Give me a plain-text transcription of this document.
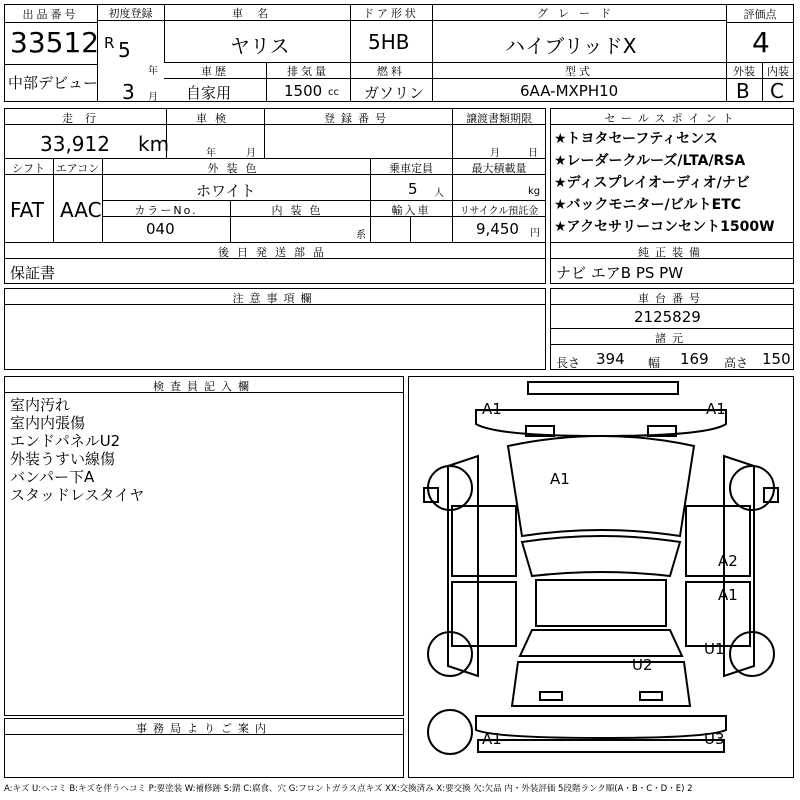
出品番号
33512
中部デビュー
初度登録
R 5
年
3 月
車名
ヤリス
ドア形状
5HB
グレード
ハイブリッドX
評価点
4
車歴
自家用
排気量
1500 cc
燃料
ガソリン
型式
6AA-MXPH10
外装	内装
B C
走行
33,912 km
車検
年	月
登録番号	譲渡書類期限
月	日
シフト
FAT
エアコン
AAC
外装色
ホワイト
乗車定員
5 人
最大積載量
kg
カラーNo.
040
内装色
系
輸入車	リサイクル預託金
9,450 円
後日発送部品
保証書
セールスポイント
★トヨタセーフティセンス
★レーダークルーズ/LTA/RSA
★ディスプレイオーディオ/ナビ
★バックモニター/ビルトETC
★アクセサリーコンセント1500W
純正装備
ナビ エアB PS PW
注意事項欄	車台番号
2125829
諸元
長さ 394 幅 169 高さ 150
検査員記入欄
室内汚れ
室内内張傷
エンドパネルU2
外装うすい線傷
バンパー下A
スタッドレスタイヤ
事務局よりご案内
A1	A1
A1
A2
A1
U1
U2
A1	U3
A:キズ U:ヘコミ B:キズを伴うヘコミ P:要塗装 W:補修跡 S:錆 C:腐食、穴 G:フロントガラス点キズ XX:交換済み X:要交換 欠:欠品 内・外装評価 5段階ランク順(A・B・C・D・E) 2
